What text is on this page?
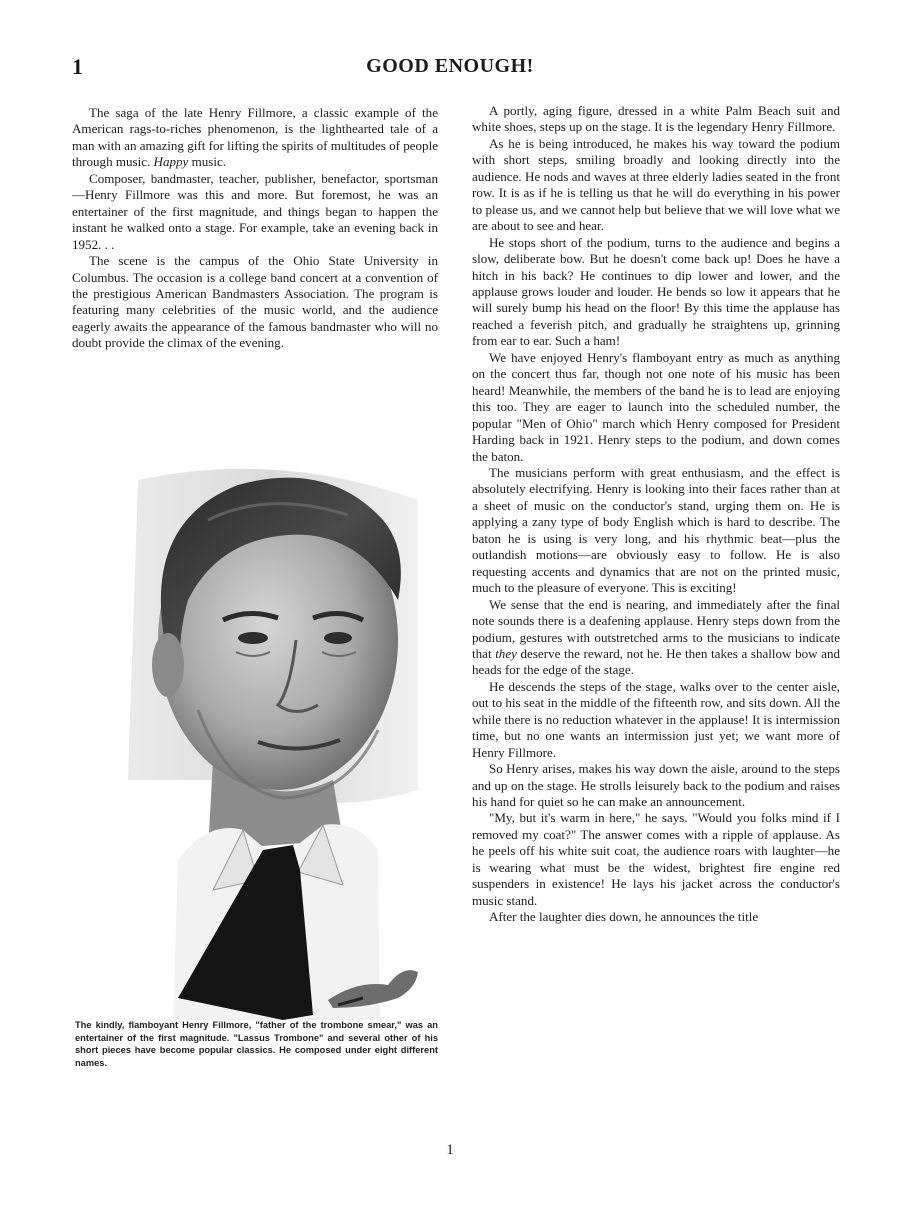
1	GOOD ENOUGH!

The saga of the late Henry Fillmore, a classic example of the American rags-to-riches phenomenon, is the lighthearted tale of a man with an amazing gift for lifting the spirits of multitudes of people through music. Happy music.

Composer, bandmaster, teacher, publisher, benefactor, sportsman—Henry Fillmore was this and more. But foremost, he was an entertainer of the first magnitude, and things began to happen the instant he walked onto a stage. For example, take an evening back in 1952. . .

The scene is the campus of the Ohio State University in Columbus. The occasion is a college band concert at a convention of the prestigious American Bandmasters Association. The program is featuring many celebrities of the music world, and the audience eagerly awaits the appearance of the famous bandmaster who will no doubt provide the climax of the evening.

The kindly, flamboyant Henry Fillmore, "father of the trombone smear," was an entertainer of the first magnitude. "Lassus Trombone" and several other of his short pieces have become popular classics. He composed under eight different names.

A portly, aging figure, dressed in a white Palm Beach suit and white shoes, steps up on the stage. It is the legendary Henry Fillmore.

As he is being introduced, he makes his way toward the podium with short steps, smiling broadly and looking directly into the audience. He nods and waves at three elderly ladies seated in the front row. It is as if he is telling us that he will do everything in his power to please us, and we cannot help but believe that we will love what we are about to see and hear.

He stops short of the podium, turns to the audience and begins a slow, deliberate bow. But he doesn't come back up! Does he have a hitch in his back? He continues to dip lower and lower, and the applause grows louder and louder. He bends so low it appears that he will surely bump his head on the floor! By this time the applause has reached a feverish pitch, and gradually he straightens up, grinning from ear to ear. Such a ham!

We have enjoyed Henry's flamboyant entry as much as anything on the concert thus far, though not one note of his music has been heard! Meanwhile, the members of the band he is to lead are enjoying this too. They are eager to launch into the scheduled number, the popular "Men of Ohio" march which Henry composed for President Harding back in 1921. Henry steps to the podium, and down comes the baton.

The musicians perform with great enthusiasm, and the effect is absolutely electrifying. Henry is looking into their faces rather than at a sheet of music on the conductor's stand, urging them on. He is applying a zany type of body English which is hard to describe. The baton he is using is very long, and his rhythmic beat—plus the outlandish motions—are obviously easy to follow. He is also requesting accents and dynamics that are not on the printed music, much to the pleasure of everyone. This is exciting!

We sense that the end is nearing, and immediately after the final note sounds there is a deafening applause. Henry steps down from the podium, gestures with outstretched arms to the musicians to indicate that they deserve the reward, not he. He then takes a shallow bow and heads for the edge of the stage.

He descends the steps of the stage, walks over to the center aisle, out to his seat in the middle of the fifteenth row, and sits down. All the while there is no reduction whatever in the applause! It is intermission time, but no one wants an intermission just yet; we want more of Henry Fillmore.

So Henry arises, makes his way down the aisle, around to the steps and up on the stage. He strolls leisurely back to the podium and raises his hand for quiet so he can make an announcement.

"My, but it's warm in here," he says. "Would you folks mind if I removed my coat?" The answer comes with a ripple of applause. As he peels off his white suit coat, the audience roars with laughter—he is wearing what must be the widest, brightest fire engine red suspenders in existence! He lays his jacket across the conductor's music stand.

After the laughter dies down, he announces the title

1
